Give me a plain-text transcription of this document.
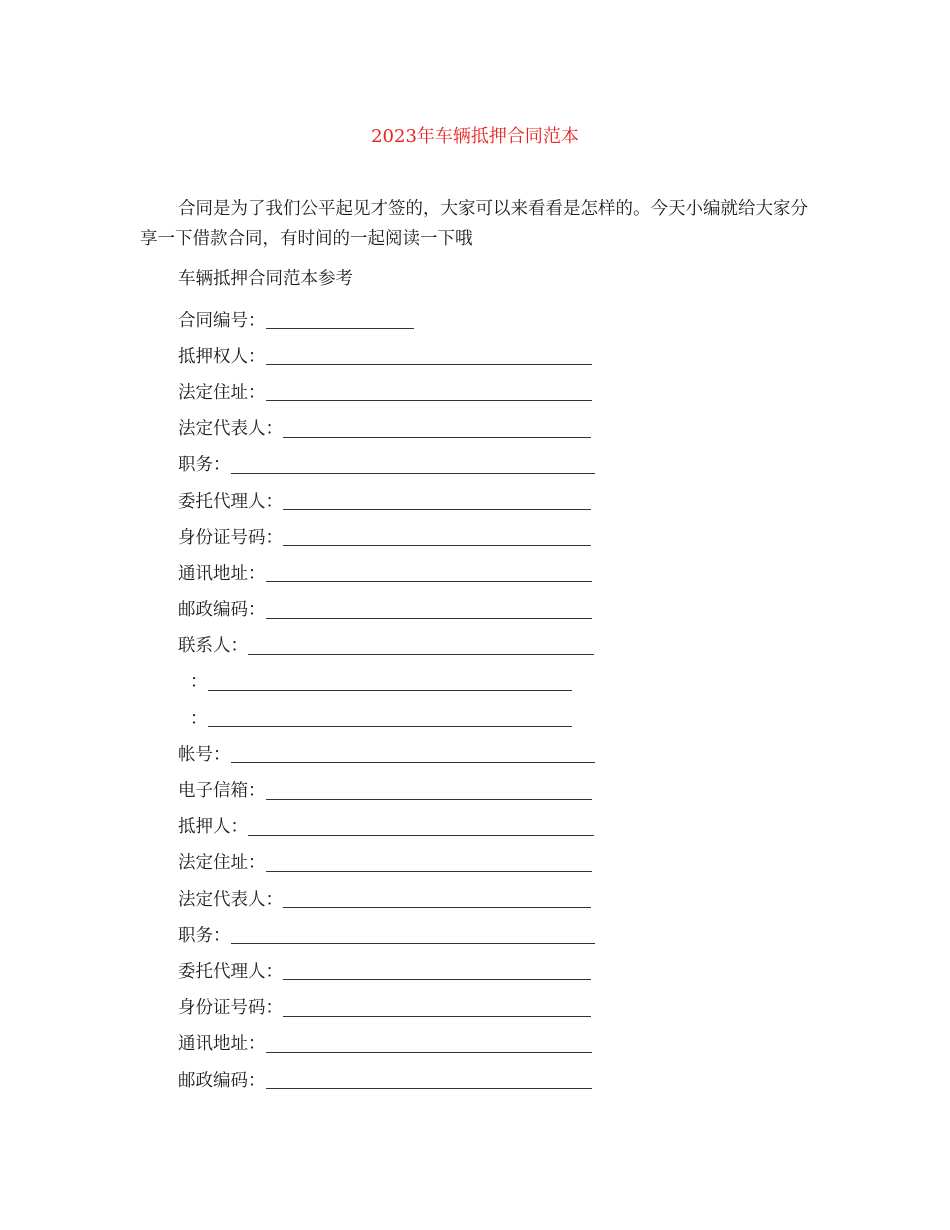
2023年车辆抵押合同范本

合同是为了我们公平起见才签的，大家可以来看看是怎样的。今天小编就给大家分享一下借款合同，有时间的一起阅读一下哦

车辆抵押合同范本参考
合同编号：
抵押权人：
法定住址：
法定代表人：
职务：
委托代理人：
身份证号码：
通讯地址：
邮政编码：
联系人：
：
：
帐号：
电子信箱：
抵押人：
法定住址：
法定代表人：
职务：
委托代理人：
身份证号码：
通讯地址：
邮政编码：
